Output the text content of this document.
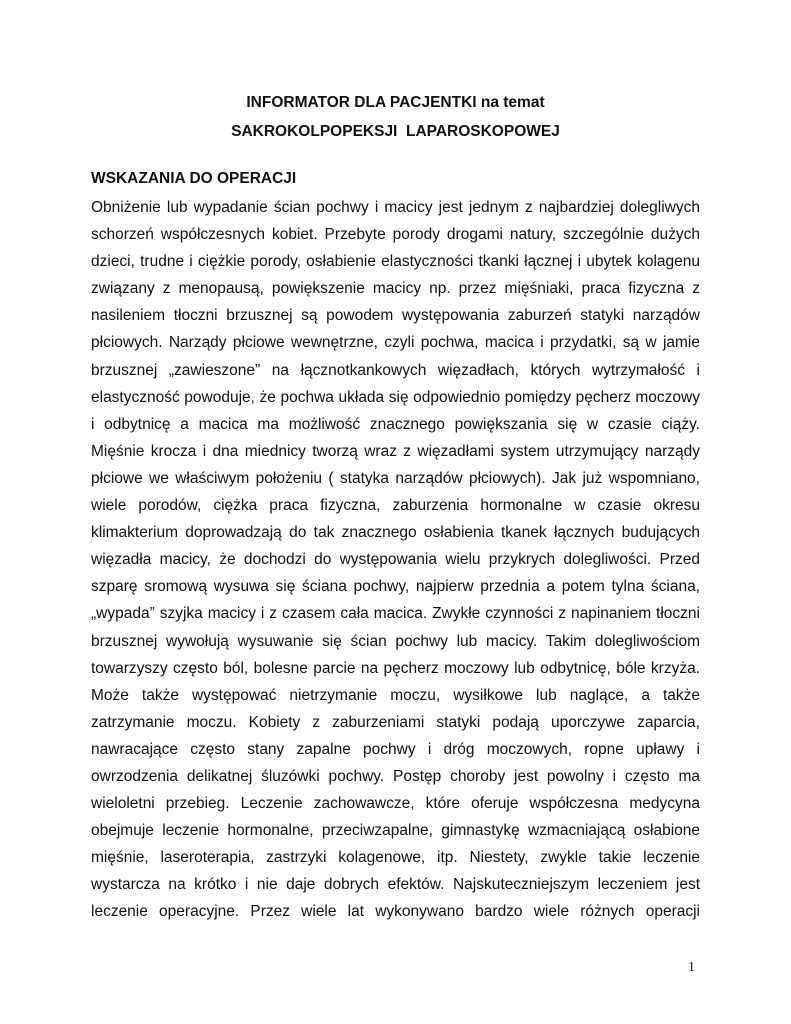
INFORMATOR DLA PACJENTKI na temat
SAKROKOLPOPEKSJI  LAPAROSKOPOWEJ
WSKAZANIA DO OPERACJI
Obniżenie lub wypadanie ścian pochwy i macicy jest jednym z najbardziej dolegliwych
schorzeń współczesnych kobiet. Przebyte porody drogami natury, szczególnie dużych
dzieci, trudne i ciężkie porody, osłabienie elastyczności tkanki łącznej i ubytek kolagenu
związany z menopausą, powiększenie macicy np. przez mięśniaki, praca fizyczna z
nasileniem tłoczni brzusznej są powodem występowania zaburzeń statyki narządów
płciowych. Narządy płciowe wewnętrzne, czyli pochwa, macica i przydatki, są w jamie
brzusznej „zawieszone” na łącznotkankowych więzadłach, których wytrzymałość i
elastyczność powoduje, że pochwa układa się odpowiednio pomiędzy pęcherz moczowy
i odbytnicę a macica ma możliwość znacznego powiększania się w czasie ciąży.
Mięśnie krocza i dna miednicy tworzą wraz z więzadłami system utrzymujący narządy
płciowe we właściwym położeniu ( statyka narządów płciowych). Jak już wspomniano,
wiele porodów, ciężka praca fizyczna, zaburzenia hormonalne w czasie okresu
klimakterium doprowadzają do tak znacznego osłabienia tkanek łącznych budujących
więzadła macicy, że dochodzi do występowania wielu przykrych dolegliwości. Przed
szparę sromową wysuwa się ściana pochwy, najpierw przednia a potem tylna ściana,
„wypada” szyjka macicy i z czasem cała macica. Zwykłe czynności z napinaniem tłoczni
brzusznej wywołują wysuwanie się ścian pochwy lub macicy. Takim dolegliwościom
towarzyszy często ból, bolesne parcie na pęcherz moczowy lub odbytnicę, bóle krzyża.
Może także występować nietrzymanie moczu, wysiłkowe lub naglące, a także
zatrzymanie moczu. Kobiety z zaburzeniami statyki podają uporczywe zaparcia,
nawracające często stany zapalne pochwy i dróg moczowych, ropne upławy i
owrzodzenia delikatnej śluzówki pochwy. Postęp choroby jest powolny i często ma
wieloletni przebieg. Leczenie zachowawcze, które oferuje współczesna medycyna
obejmuje leczenie hormonalne, przeciwzapalne, gimnastykę wzmacniającą osłabione
mięśnie, laseroterapia, zastrzyki kolagenowe, itp. Niestety, zwykle takie leczenie
wystarcza na krótko i nie daje dobrych efektów. Najskuteczniejszym leczeniem jest
leczenie operacyjne. Przez wiele lat wykonywano bardzo wiele różnych operacji
1
